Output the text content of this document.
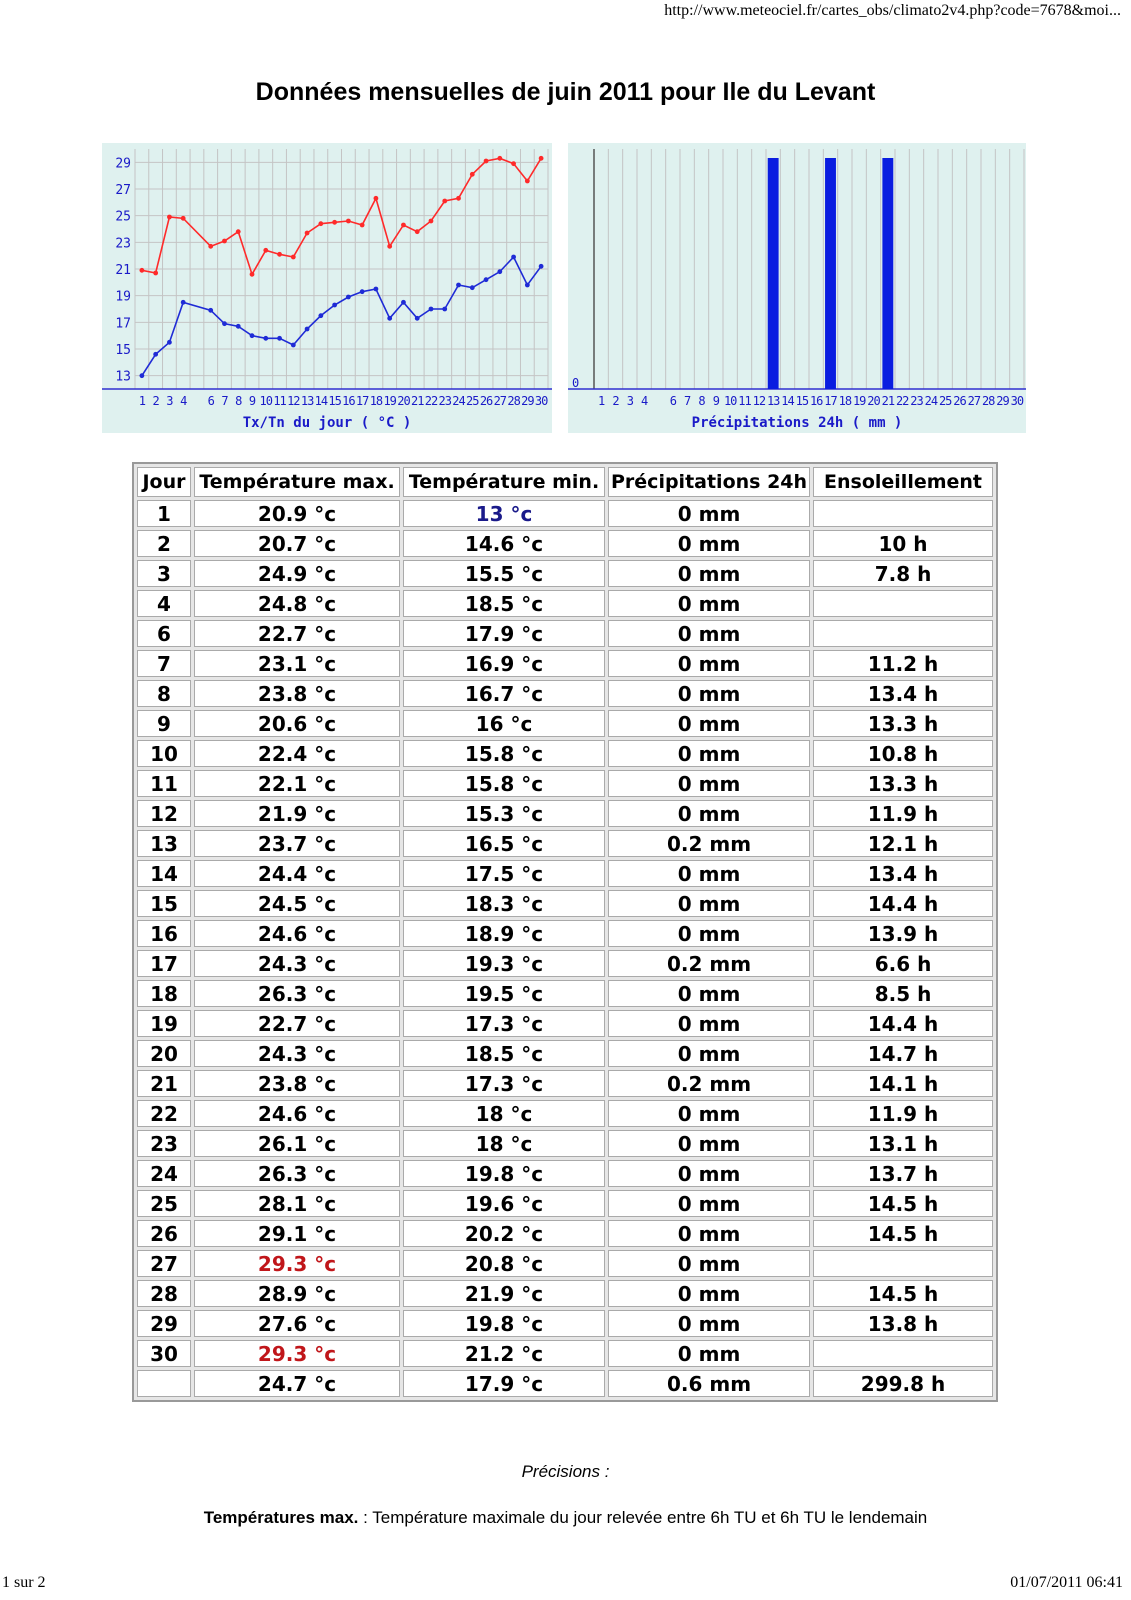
http://www.meteociel.fr/cartes_obs/climato2v4.php?code=7678&moi...
Données mensuelles de juin 2011 pour Ile du Levant
13
15
17
19
21
23
25
27
29
1 2 3 4 6 7 8 9 10 11 12 13 14 15 16 17 18 19 20 21 22 23 24 25 26 27 28 29 30
Tx/Tn du jour ( °C )
0
1 2 3 4 6 7 8 9 10 11 12 13 14 15 16 17 18 19 20 21 22 23 24 25 26 27 28 29 30
Précipitations 24h ( mm )
Jour	Température max.	Température min.	Précipitations 24h	Ensoleillement
1	20.9 °c	13 °c	0 mm	
2	20.7 °c	14.6 °c	0 mm	10 h
3	24.9 °c	15.5 °c	0 mm	7.8 h
4	24.8 °c	18.5 °c	0 mm	
6	22.7 °c	17.9 °c	0 mm	
7	23.1 °c	16.9 °c	0 mm	11.2 h
8	23.8 °c	16.7 °c	0 mm	13.4 h
9	20.6 °c	16 °c	0 mm	13.3 h
10	22.4 °c	15.8 °c	0 mm	10.8 h
11	22.1 °c	15.8 °c	0 mm	13.3 h
12	21.9 °c	15.3 °c	0 mm	11.9 h
13	23.7 °c	16.5 °c	0.2 mm	12.1 h
14	24.4 °c	17.5 °c	0 mm	13.4 h
15	24.5 °c	18.3 °c	0 mm	14.4 h
16	24.6 °c	18.9 °c	0 mm	13.9 h
17	24.3 °c	19.3 °c	0.2 mm	6.6 h
18	26.3 °c	19.5 °c	0 mm	8.5 h
19	22.7 °c	17.3 °c	0 mm	14.4 h
20	24.3 °c	18.5 °c	0 mm	14.7 h
21	23.8 °c	17.3 °c	0.2 mm	14.1 h
22	24.6 °c	18 °c	0 mm	11.9 h
23	26.1 °c	18 °c	0 mm	13.1 h
24	26.3 °c	19.8 °c	0 mm	13.7 h
25	28.1 °c	19.6 °c	0 mm	14.5 h
26	29.1 °c	20.2 °c	0 mm	14.5 h
27	29.3 °c	20.8 °c	0 mm	
28	28.9 °c	21.9 °c	0 mm	14.5 h
29	27.6 °c	19.8 °c	0 mm	13.8 h
30	29.3 °c	21.2 °c	0 mm	
	24.7 °c	17.9 °c	0.6 mm	299.8 h
Précisions :
Températures max. : Température maximale du jour relevée entre 6h TU et 6h TU le lendemain
1 sur 2	01/07/2011 06:41
